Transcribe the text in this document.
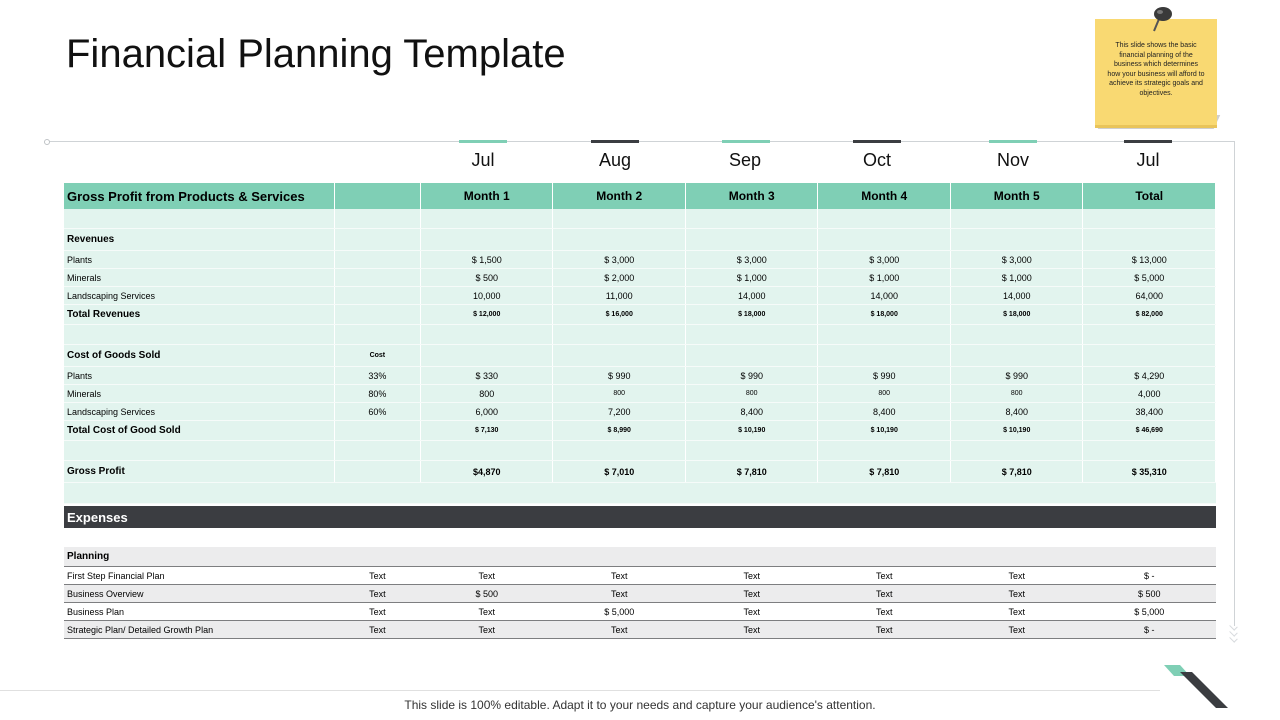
Financial Planning Template
Jul	Aug	Sep	Oct	Nov	Jul
Gross Profit from Products & Services		Month 1	Month 2	Month 3	Month 4	Month 5	Total

Revenues							
Plants		$ 1,500	$ 3,000	$ 3,000	$ 3,000	$ 3,000	$ 13,000
Minerals		$ 500	$ 2,000	$ 1,000	$ 1,000	$ 1,000	$ 5,000
Landscaping Services		10,000	11,000	14,000	14,000	14,000	64,000
Total Revenues		$ 12,000	$ 16,000	$ 18,000	$ 18,000	$ 18,000	$ 82,000

Cost of Goods Sold	Cost						
Plants	33%	$ 330	$ 990	$ 990	$ 990	$ 990	$ 4,290
Minerals	80%	800	800	800	800	800	4,000
Landscaping Services	60%	6,000	7,200	8,400	8,400	8,400	38,400
Total Cost of Good Sold		$ 7,130	$ 8,990	$ 10,190	$ 10,190	$ 10,190	$ 46,690

Gross Profit		$4,870	$ 7,010	$ 7,810	$ 7,810	$ 7,810	$ 35,310

Expenses							

Planning							
First Step Financial Plan	Text	Text	Text	Text	Text	Text	$ -
Business Overview	Text	$ 500	Text	Text	Text	Text	$ 500
Business Plan	Text	Text	$ 5,000	Text	Text	Text	$ 5,000
Strategic Plan/ Detailed Growth Plan	Text	Text	Text	Text	Text	Text	$ -
This slide shows the basic financial planning of the business which determines how your business will afford to achieve its strategic goals and objectives.
This slide is 100% editable. Adapt it to your needs and capture your audience's attention.
